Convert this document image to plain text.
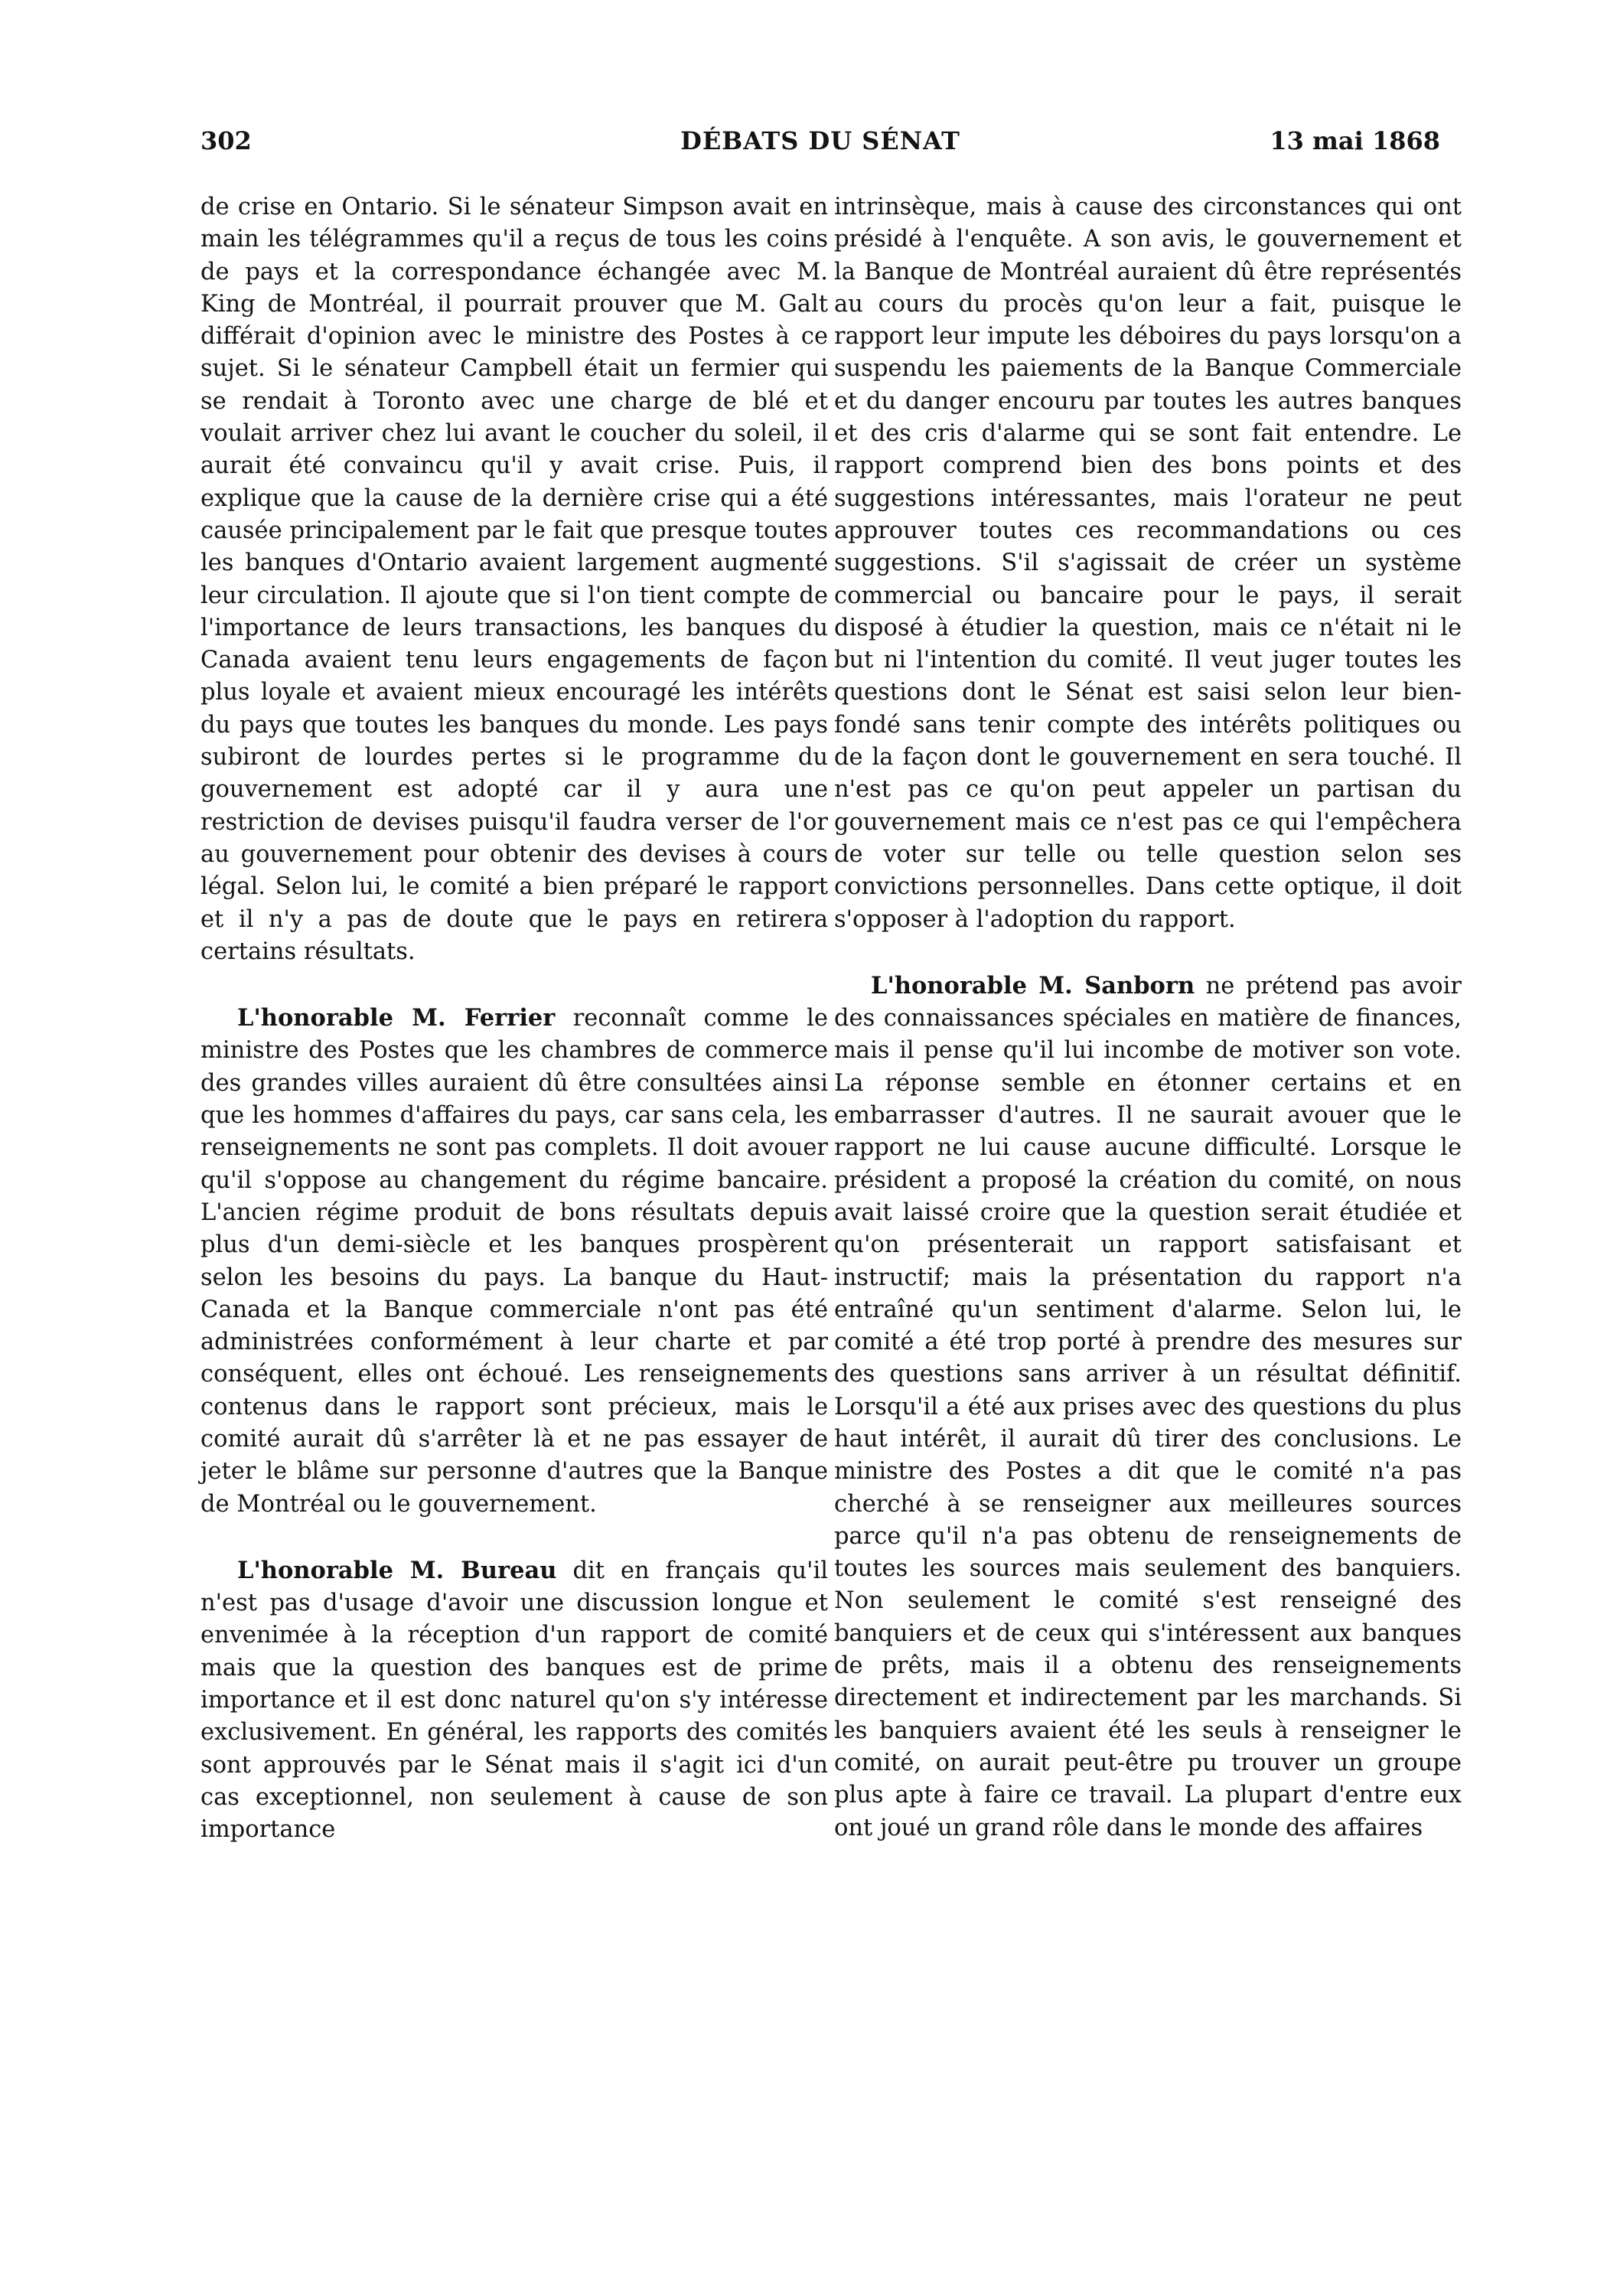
302	DÉBATS DU SÉNAT	13 mai 1868

de crise en Ontario. Si le sénateur Simpson avait en main les télégrammes qu'il a reçus de tous les coins de pays et la correspondance échangée avec M. King de Montréal, il pourrait prouver que M. Galt différait d'opinion avec le ministre des Postes à ce sujet. Si le sénateur Campbell était un fermier qui se rendait à Toronto avec une charge de blé et voulait arriver chez lui avant le coucher du soleil, il aurait été convaincu qu'il y avait crise. Puis, il explique que la cause de la dernière crise qui a été causée principalement par le fait que presque toutes les banques d'Ontario avaient largement augmenté leur circulation. Il ajoute que si l'on tient compte de l'importance de leurs transactions, les banques du Canada avaient tenu leurs engagements de façon plus loyale et avaient mieux encouragé les intérêts du pays que toutes les banques du monde. Les pays subiront de lourdes pertes si le programme du gouvernement est adopté car il y aura une restriction de devises puisqu'il faudra verser de l'or au gouvernement pour obtenir des devises à cours légal. Selon lui, le comité a bien préparé le rapport et il n'y a pas de doute que le pays en retirera certains résultats.

L'honorable M. Ferrier reconnaît comme le ministre des Postes que les chambres de commerce des grandes villes auraient dû être consultées ainsi que les hommes d'affaires du pays, car sans cela, les renseignements ne sont pas complets. Il doit avouer qu'il s'oppose au changement du régime bancaire. L'ancien régime produit de bons résultats depuis plus d'un demi-siècle et les banques prospèrent selon les besoins du pays. La banque du Haut-Canada et la Banque commerciale n'ont pas été administrées conformément à leur charte et par conséquent, elles ont échoué. Les renseignements contenus dans le rapport sont précieux, mais le comité aurait dû s'arrêter là et ne pas essayer de jeter le blâme sur personne d'autres que la Banque de Montréal ou le gouvernement.

L'honorable M. Bureau dit en français qu'il n'est pas d'usage d'avoir une discussion longue et envenimée à la réception d'un rapport de comité mais que la question des banques est de prime importance et il est donc naturel qu'on s'y intéresse exclusivement. En général, les rapports des comités sont approuvés par le Sénat mais il s'agit ici d'un cas exceptionnel, non seulement à cause de son importance

intrinsèque, mais à cause des circonstances qui ont présidé à l'enquête. A son avis, le gouvernement et la Banque de Montréal auraient dû être représentés au cours du procès qu'on leur a fait, puisque le rapport leur impute les déboires du pays lorsqu'on a suspendu les paiements de la Banque Commerciale et du danger encouru par toutes les autres banques et des cris d'alarme qui se sont fait entendre. Le rapport comprend bien des bons points et des suggestions intéressantes, mais l'orateur ne peut approuver toutes ces recommandations ou ces suggestions. S'il s'agissait de créer un système commercial ou bancaire pour le pays, il serait disposé à étudier la question, mais ce n'était ni le but ni l'intention du comité. Il veut juger toutes les questions dont le Sénat est saisi selon leur bien-fondé sans tenir compte des intérêts politiques ou de la façon dont le gouvernement en sera touché. Il n'est pas ce qu'on peut appeler un partisan du gouvernement mais ce n'est pas ce qui l'empêchera de voter sur telle ou telle question selon ses convictions personnelles. Dans cette optique, il doit s'opposer à l'adoption du rapport.

L'honorable M. Sanborn ne prétend pas avoir des connaissances spéciales en matière de finances, mais il pense qu'il lui incombe de motiver son vote. La réponse semble en étonner certains et en embarrasser d'autres. Il ne saurait avouer que le rapport ne lui cause aucune difficulté. Lorsque le président a proposé la création du comité, on nous avait laissé croire que la question serait étudiée et qu'on présenterait un rapport satisfaisant et instructif; mais la présentation du rapport n'a entraîné qu'un sentiment d'alarme. Selon lui, le comité a été trop porté à prendre des mesures sur des questions sans arriver à un résultat définitif. Lorsqu'il a été aux prises avec des questions du plus haut intérêt, il aurait dû tirer des conclusions. Le ministre des Postes a dit que le comité n'a pas cherché à se renseigner aux meilleures sources parce qu'il n'a pas obtenu de renseignements de toutes les sources mais seulement des banquiers. Non seulement le comité s'est renseigné des banquiers et de ceux qui s'intéressent aux banques de prêts, mais il a obtenu des renseignements directement et indirectement par les marchands. Si les banquiers avaient été les seuls à renseigner le comité, on aurait peut-être pu trouver un groupe plus apte à faire ce travail. La plupart d'entre eux ont joué un grand rôle dans le monde des affaires
